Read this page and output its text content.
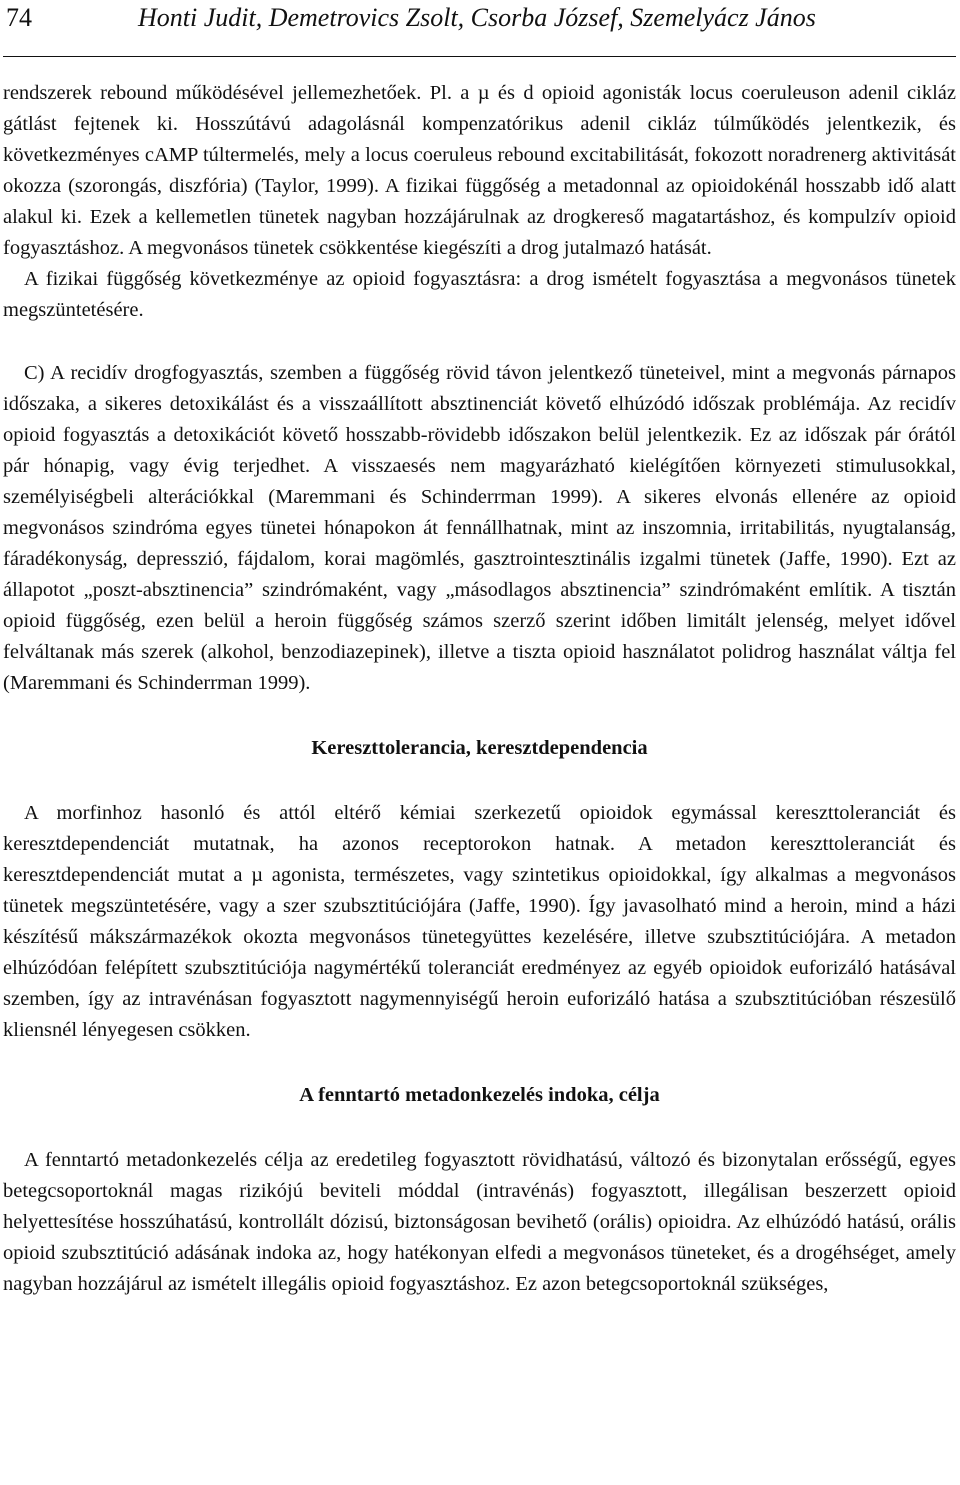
74	Honti Judit, Demetrovics Zsolt, Csorba József, Szemelyácz János

rendszerek rebound működésével jellemezhetőek. Pl. a µ és d opioid agonisták locus coeruleuson adenil cikláz gátlást fejtenek ki. Hosszútávú adagolásnál kompenzatórikus adenil cikláz túlműködés jelentkezik, és következményes cAMP túltermelés, mely a locus coeruleus rebound excitabilitását, fokozott noradrenerg aktivitását okozza (szorongás, diszfória) (Taylor, 1999). A fizikai függőség a metadonnal az opioidokénál hosszabb idő alatt alakul ki. Ezek a kellemetlen tünetek nagyban hozzájárulnak az drogkereső magatartáshoz, és kompulzív opioid fogyasztáshoz. A megvonásos tünetek csökkentése kiegészíti a drog jutalmazó hatását.

A fizikai függőség következménye az opioid fogyasztásra: a drog ismételt fogyasztása a megvonásos tünetek megszüntetésére.

C) A recidív drogfogyasztás, szemben a függőség rövid távon jelentkező tüneteivel, mint a megvonás párnapos időszaka, a sikeres detoxikálást és a visszaállított absztinenciát követő elhúzódó időszak problémája. Az recidív opioid fogyasztás a detoxikációt követő hosszabb-rövidebb időszakon belül jelentkezik. Ez az időszak pár órától pár hónapig, vagy évig terjedhet. A visszaesés nem magyarázható kielégítően környezeti stimulusokkal, személyiségbeli alterációkkal (Maremmani és Schinderrman 1999). A sikeres elvonás ellenére az opioid megvonásos szindróma egyes tünetei hónapokon át fennállhatnak, mint az inszomnia, irritabilitás, nyugtalanság, fáradékonyság, depresszió, fájdalom, korai magömlés, gasztrointesztinális izgalmi tünetek (Jaffe, 1990). Ezt az állapotot „poszt-absztinencia” szindrómaként, vagy „másodlagos absztinencia” szindrómaként említik. A tisztán opioid függőség, ezen belül a heroin függőség számos szerző szerint időben limitált jelenség, melyet idővel felváltanak más szerek (alkohol, benzodiazepinek), illetve a tiszta opioid használatot polidrog használat váltja fel (Maremmani és Schinderrman 1999).

Kereszttolerancia, keresztdependencia

A morfinhoz hasonló és attól eltérő kémiai szerkezetű opioidok egymással kereszttoleranciát és keresztdependenciát mutatnak, ha azonos receptorokon hatnak. A metadon kereszttoleranciát és keresztdependenciát mutat a µ agonista, természetes, vagy szintetikus opioidokkal, így alkalmas a megvonásos tünetek megszüntetésére, vagy a szer szubsztitúciójára (Jaffe, 1990). Így javasolható mind a heroin, mind a házi készítésű mákszármazékok okozta megvonásos tünetegyüttes kezelésére, illetve szubsztitúciójára. A metadon elhúzódóan felépített szubsztitúciója nagymértékű toleranciát eredményez az egyéb opioidok euforizáló hatásával szemben, így az intravénásan fogyasztott nagymennyiségű heroin euforizáló hatása a szubsztitúcióban részesülő kliensnél lényegesen csökken.

A fenntartó metadonkezelés indoka, célja

A fenntartó metadonkezelés célja az eredetileg fogyasztott rövidhatású, változó és bizonytalan erősségű, egyes betegcsoportoknál magas rizikójú beviteli móddal (intravénás) fogyasztott, illegálisan beszerzett opioid helyettesítése hosszúhatású, kontrollált dózisú, biztonságosan bevihető (orális) opioidra. Az elhúzódó hatású, orális opioid szubsztitúció adásának indoka az, hogy hatékonyan elfedi a megvonásos tüneteket, és a drogéhséget, amely nagyban hozzájárul az ismételt illegális opioid fogyasztáshoz. Ez azon betegcsoportoknál szükséges,
